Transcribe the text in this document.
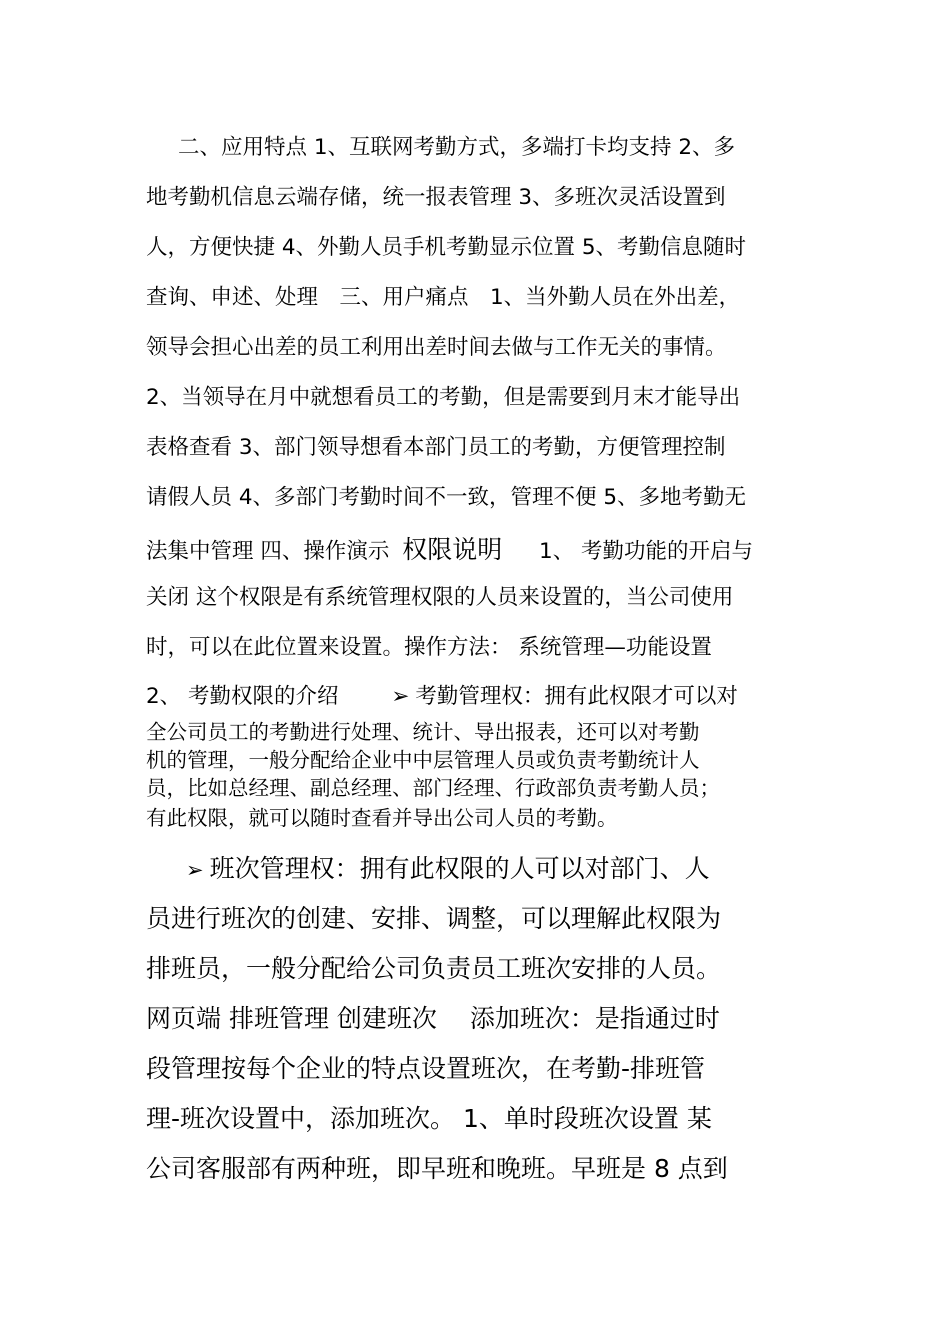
二、应用特点 1、互联网考勤方式，多端打卡均支持 2、多
地考勤机信息云端存储，统一报表管理 3、多班次灵活设置到
人，方便快捷 4、外勤人员手机考勤显示位置 5、考勤信息随时
查询、申述、处理　三、用户痛点　1、当外勤人员在外出差，
领导会担心出差的员工利用出差时间去做与工作无关的事情。
2、当领导在月中就想看员工的考勤，但是需要到月末才能导出
表格查看 3、部门领导想看本部门员工的考勤，方便管理控制
请假人员 4、多部门考勤时间不一致，管理不便 5、多地考勤无
法集中管理 四、操作演示 权限说明 1、 考勤功能的开启与
关闭 这个权限是有系统管理权限的人员来设置的，当公司使用
时，可以在此位置来设置。操作方法： 系统管理—功能设置
2、 考勤权限的介绍 ➢ 考勤管理权：拥有此权限才可以对
全公司员工的考勤进行处理、统计、导出报表，还可以对考勤
机的管理，一般分配给企业中中层管理人员或负责考勤统计人
员，比如总经理、副总经理、部门经理、行政部负责考勤人员；
有此权限，就可以随时查看并导出公司人员的考勤。
➢ 班次管理权：拥有此权限的人可以对部门、人
员进行班次的创建、安排、调整，可以理解此权限为
排班员，一般分配给公司负责员工班次安排的人员。
网页端 排班管理 创建班次　 添加班次：是指通过时
段管理按每个企业的特点设置班次，在考勤-排班管
理-班次设置中，添加班次。 1、单时段班次设置 某
公司客服部有两种班，即早班和晚班。早班是 8 点到
